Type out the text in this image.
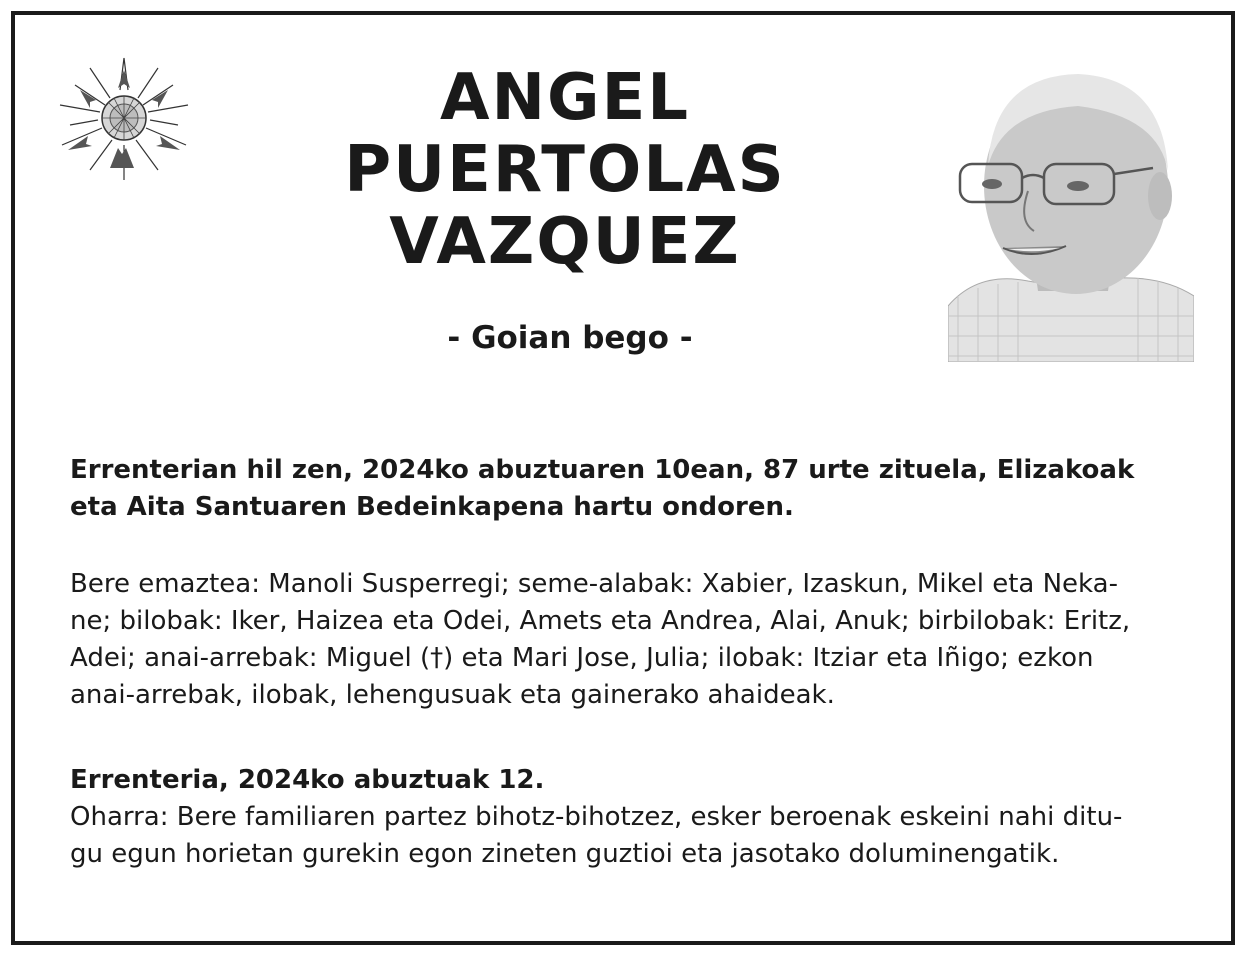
ANGEL
PUERTOLAS
VAZQUEZ
- Goian bego -
Errenterian hil zen, 2024ko abuztuaren 10ean, 87 urte zituela, Elizakoak
eta Aita Santuaren Bedeinkapena hartu ondoren.
Bere emaztea: Manoli Susperregi; seme-alabak: Xabier, Izaskun, Mikel eta Neka-
ne; bilobak: Iker, Haizea eta Odei, Amets eta Andrea, Alai, Anuk; birbilobak: Eritz,
Adei; anai-arrebak: Miguel (†) eta Mari Jose, Julia; ilobak: Itziar eta Iñigo; ezkon
anai-arrebak, ilobak, lehengusuak eta gainerako ahaideak.
Errenteria, 2024ko abuztuak 12.
Oharra: Bere familiaren partez bihotz-bihotzez, esker beroenak eskeini nahi ditu-
gu egun horietan gurekin egon zineten guztioi eta jasotako doluminengatik.
